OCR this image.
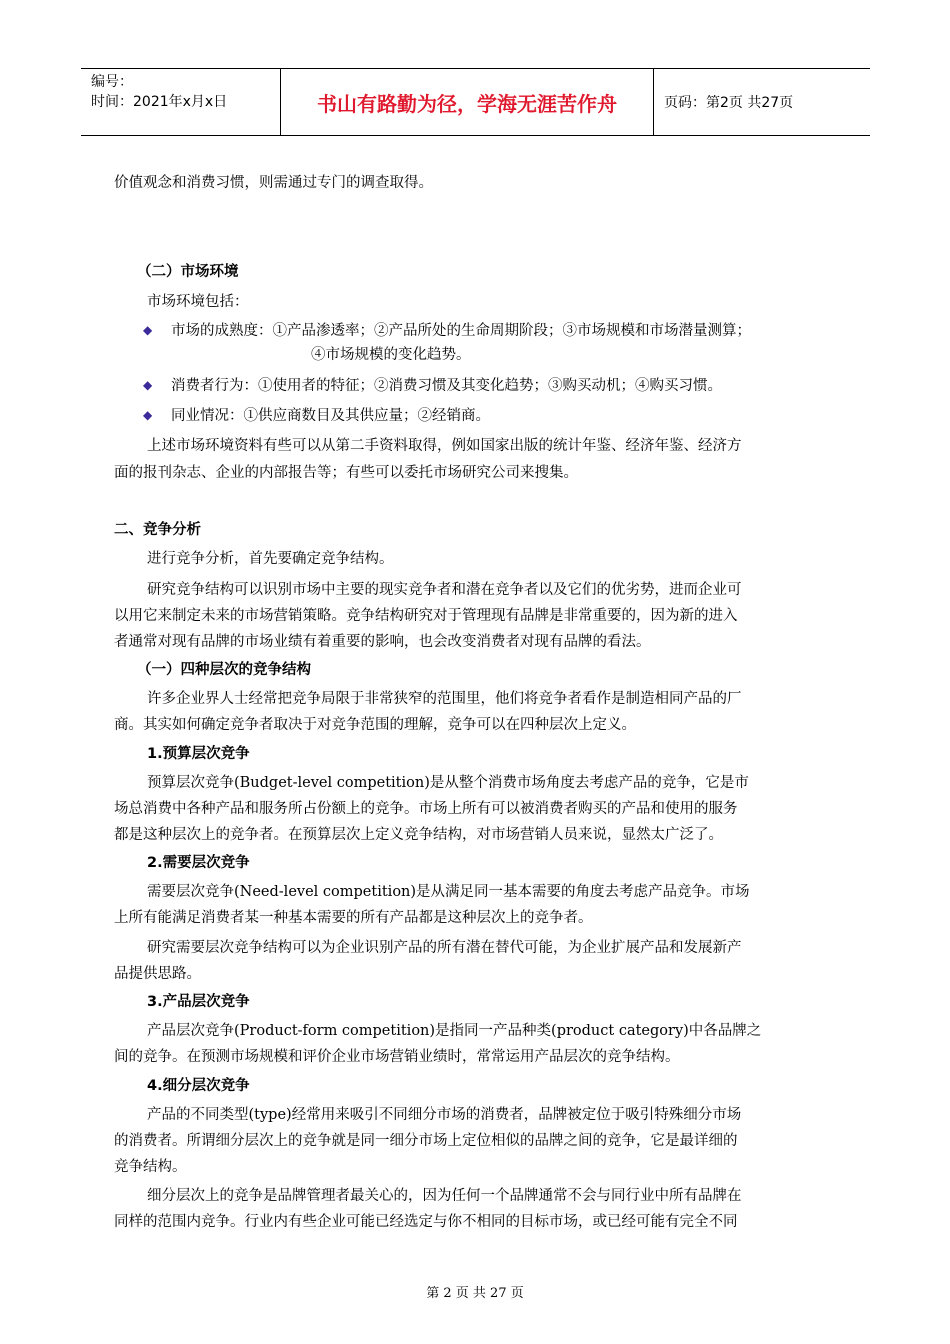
编号：
时间：2021年x月x日	书山有路勤为径，学海无涯苦作舟	页码：第2页 共27页
价值观念和消费习惯，则需通过专门的调查取得。
（二）市场环境
市场环境包括：
◆ 市场的成熟度：①产品渗透率；②产品所处的生命周期阶段；③市场规模和市场潜量测算；
④市场规模的变化趋势。
◆ 消费者行为：①使用者的特征；②消费习惯及其变化趋势；③购买动机；④购买习惯。
◆ 同业情况：①供应商数目及其供应量；②经销商。
上述市场环境资料有些可以从第二手资料取得，例如国家出版的统计年鉴、经济年鉴、经济方
面的报刊杂志、企业的内部报告等；有些可以委托市场研究公司来搜集。
二、竞争分析
进行竞争分析，首先要确定竞争结构。
研究竞争结构可以识别市场中主要的现实竞争者和潜在竞争者以及它们的优劣势，进而企业可
以用它来制定未来的市场营销策略。竞争结构研究对于管理现有品牌是非常重要的，因为新的进入
者通常对现有品牌的市场业绩有着重要的影响，也会改变消费者对现有品牌的看法。
（一）四种层次的竞争结构
许多企业界人士经常把竞争局限于非常狭窄的范围里，他们将竞争者看作是制造相同产品的厂
商。其实如何确定竞争者取决于对竞争范围的理解，竞争可以在四种层次上定义。
1.预算层次竞争
预算层次竞争(Budget-level competition)是从整个消费市场角度去考虑产品的竞争，它是市
场总消费中各种产品和服务所占份额上的竞争。市场上所有可以被消费者购买的产品和使用的服务
都是这种层次上的竞争者。在预算层次上定义竞争结构，对市场营销人员来说，显然太广泛了。
2.需要层次竞争
需要层次竞争(Need-level competition)是从满足同一基本需要的角度去考虑产品竞争。市场
上所有能满足消费者某一种基本需要的所有产品都是这种层次上的竞争者。
研究需要层次竞争结构可以为企业识别产品的所有潜在替代可能，为企业扩展产品和发展新产
品提供思路。
3.产品层次竞争
产品层次竞争(Product-form competition)是指同一产品种类(product category)中各品牌之
间的竞争。在预测市场规模和评价企业市场营销业绩时，常常运用产品层次的竞争结构。
4.细分层次竞争
产品的不同类型(type)经常用来吸引不同细分市场的消费者，品牌被定位于吸引特殊细分市场
的消费者。所谓细分层次上的竞争就是同一细分市场上定位相似的品牌之间的竞争，它是最详细的
竞争结构。
细分层次上的竞争是品牌管理者最关心的，因为任何一个品牌通常不会与同行业中所有品牌在
同样的范围内竞争。行业内有些企业可能已经选定与你不相同的目标市场，或已经可能有完全不同
第 2 页 共 27 页
